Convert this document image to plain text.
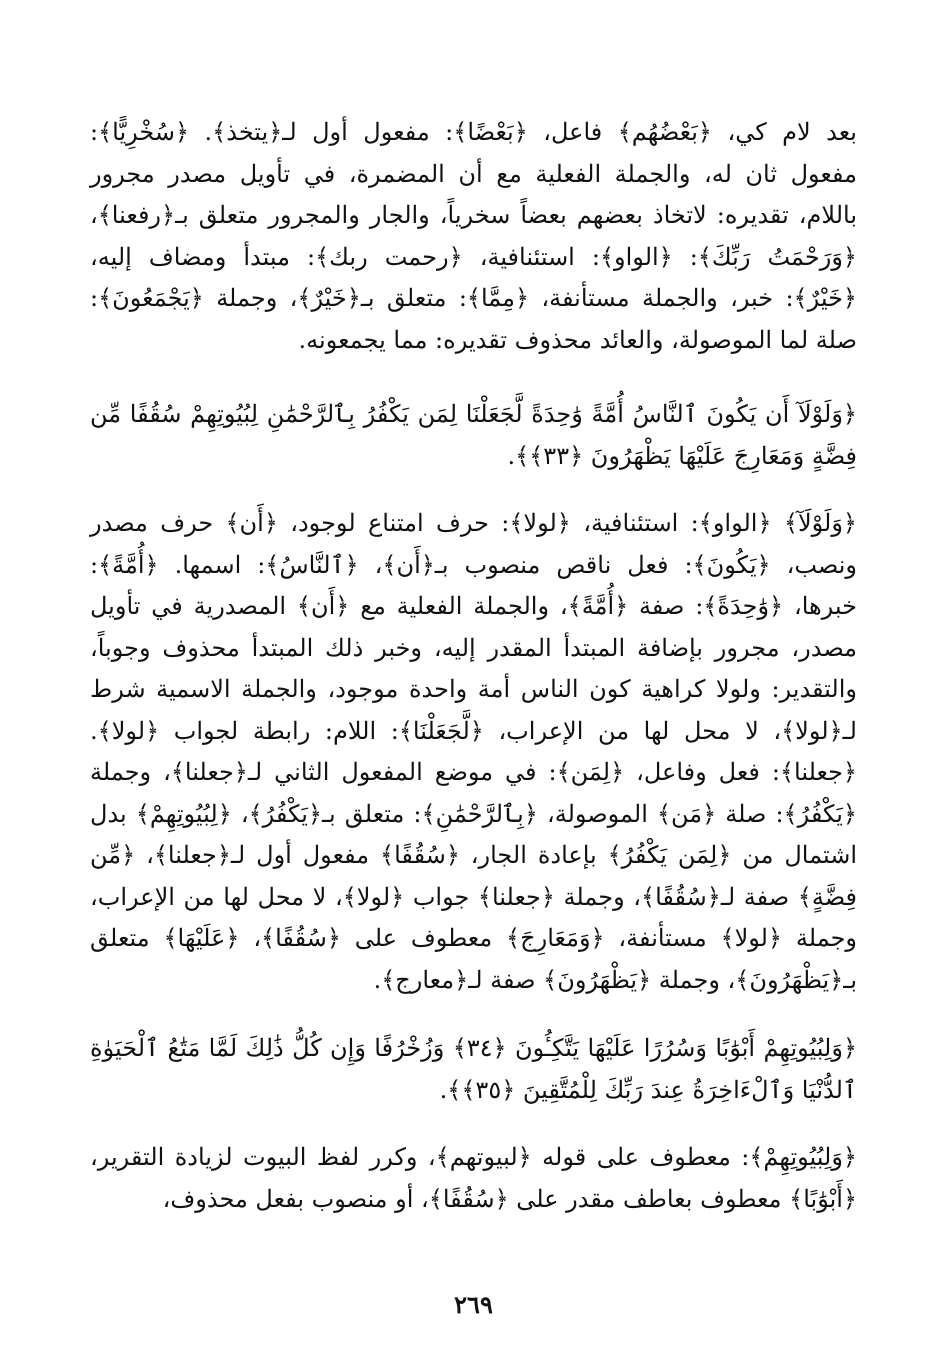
بعد لام كي، ﴿بَعْضُهُم﴾ فاعل، ﴿بَعْضًا﴾: مفعول أول لـ﴿يتخذ﴾. ﴿سُخْرِيًّا﴾: مفعول ثان له، والجملة الفعلية مع أن المضمرة، في تأويل مصدر مجرور باللام، تقديره: لاتخاذ بعضهم بعضاً سخرياً، والجار والمجرور متعلق بـ﴿رفعنا﴾، ﴿وَرَحْمَتُ رَبِّكَ﴾: ﴿الواو﴾: استئنافية، ﴿رحمت ربك﴾: مبتدأ ومضاف إليه، ﴿خَيْرٌ﴾: خبر، والجملة مستأنفة، ﴿مِمَّا﴾: متعلق بـ﴿خَيْرٌ﴾، وجملة ﴿يَجْمَعُونَ﴾: صلة لما الموصولة، والعائد محذوف تقديره: مما يجمعونه.

﴿وَلَوْلَآ أَن يَكُونَ ٱلنَّاسُ أُمَّةً وَٰحِدَةً لَّجَعَلْنَا لِمَن يَكْفُرُ بِٱلرَّحْمَٰنِ لِبُيُوتِهِمْ سُقُفًا مِّن فِضَّةٍ وَمَعَارِجَ عَلَيْهَا يَظْهَرُونَ ﴿٣٣﴾﴾.

﴿وَلَوْلَآ﴾ ﴿الواو﴾: استئنافية، ﴿لولا﴾: حرف امتناع لوجود، ﴿أَن﴾ حرف مصدر ونصب، ﴿يَكُونَ﴾: فعل ناقص منصوب بـ﴿أَن﴾، ﴿ٱلنَّاسُ﴾: اسمها. ﴿أُمَّةً﴾: خبرها، ﴿وَٰحِدَةً﴾: صفة ﴿أُمَّةً﴾، والجملة الفعلية مع ﴿أَن﴾ المصدرية في تأويل مصدر، مجرور بإضافة المبتدأ المقدر إليه، وخبر ذلك المبتدأ محذوف وجوباً، والتقدير: ولولا كراهية كون الناس أمة واحدة موجود، والجملة الاسمية شرط لـ﴿لولا﴾، لا محل لها من الإعراب، ﴿لَّجَعَلْنَا﴾: اللام: رابطة لجواب ﴿لولا﴾. ﴿جعلنا﴾: فعل وفاعل، ﴿لِمَن﴾: في موضع المفعول الثاني لـ﴿جعلنا﴾، وجملة ﴿يَكْفُرُ﴾: صلة ﴿مَن﴾ الموصولة، ﴿بِٱلرَّحْمَٰنِ﴾: متعلق بـ﴿يَكْفُرُ﴾، ﴿لِبُيُوتِهِمْ﴾ بدل اشتمال من ﴿لِمَن يَكْفُرُ﴾ بإعادة الجار، ﴿سُقُفًا﴾ مفعول أول لـ﴿جعلنا﴾، ﴿مِّن فِضَّةٍ﴾ صفة لـ﴿سُقُفًا﴾، وجملة ﴿جعلنا﴾ جواب ﴿لولا﴾، لا محل لها من الإعراب، وجملة ﴿لولا﴾ مستأنفة، ﴿وَمَعَارِجَ﴾ معطوف على ﴿سُقُفًا﴾، ﴿عَلَيْهَا﴾ متعلق بـ﴿يَظْهَرُونَ﴾، وجملة ﴿يَظْهَرُونَ﴾ صفة لـ﴿معارج﴾.

﴿وَلِبُيُوتِهِمْ أَبْوَٰبًا وَسُرُرًا عَلَيْهَا يَتَّكِـُٔونَ ﴿٣٤﴾ وَزُخْرُفًا وَإِن كُلُّ ذَٰلِكَ لَمَّا مَتَٰعُ ٱلْحَيَوٰةِ ٱلدُّنْيَا وَٱلْءَاخِرَةُ عِندَ رَبِّكَ لِلْمُتَّقِينَ ﴿٣٥﴾﴾.

﴿وَلِبُيُوتِهِمْ﴾: معطوف على قوله ﴿لبيوتهم﴾، وكرر لفظ البيوت لزيادة التقرير، ﴿أَبْوَٰبًا﴾ معطوف بعاطف مقدر على ﴿سُقُفًا﴾، أو منصوب بفعل محذوف،

٢٦٩
